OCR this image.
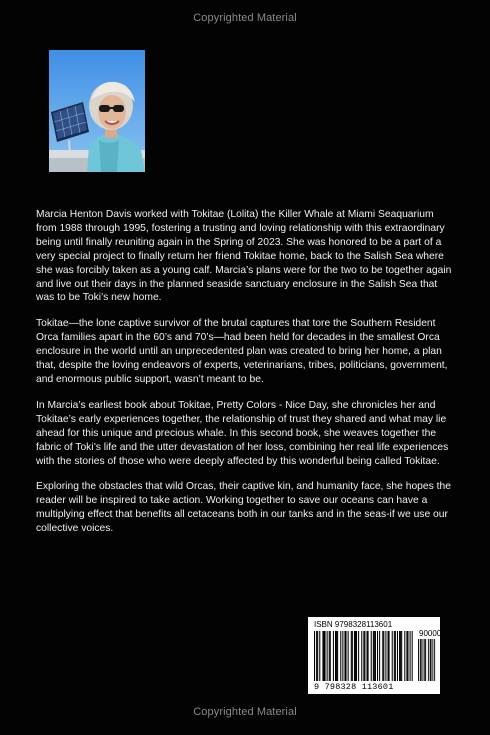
Copyrighted Material

Marcia Henton Davis worked with Tokitae (Lolita) the Killer Whale at Miami Seaquarium from 1988 through 1995, fostering a trusting and loving relationship with this extraordinary being until finally reuniting again in the Spring of 2023. She was honored to be a part of a very special project to finally return her friend Tokitae home, back to the Salish Sea where she was forcibly taken as a young calf. Marcia’s plans were for the two to be together again and live out their days in the planned seaside sanctuary enclosure in the Salish Sea that was to be Toki’s new home.

Tokitae—the lone captive survivor of the brutal captures that tore the Southern Resident Orca families apart in the 60’s and 70’s—had been held for decades in the smallest Orca enclosure in the world until an unprecedented plan was created to bring her home, a plan that, despite the loving endeavors of experts, veterinarians, tribes, politicians, government, and enormous public support, wasn’t meant to be.

In Marcia’s earliest book about Tokitae, Pretty Colors - Nice Day, she chronicles her and Tokitae’s early experiences together, the relationship of trust they shared and what may lie ahead for this unique and precious whale. In this second book, she weaves together the fabric of Toki’s life and the utter devastation of her loss, combining her real life experiences with the stories of those who were deeply affected by this wonderful being called Tokitae.

Exploring the obstacles that wild Orcas, their captive kin, and humanity face, she hopes the reader will be inspired to take action. Working together to save our oceans can have a multiplying effect that benefits all cetaceans both in our tanks and in the seas-if we use our collective voices.

ISBN 9798328113601
90000
9 798328 113601
Copyrighted Material
